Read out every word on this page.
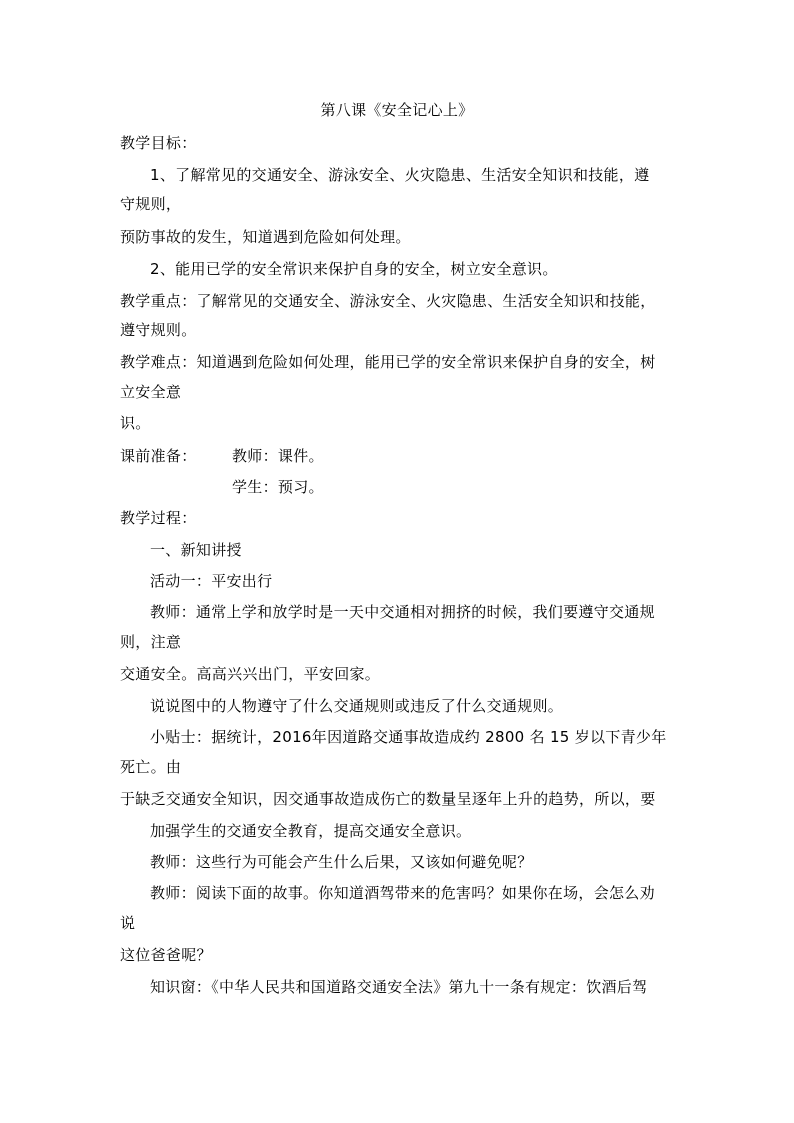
第八课《安全记心上》
教学目标：
1、了解常见的交通安全、游泳安全、火灾隐患、生活安全知识和技能，遵
守规则，
预防事故的发生，知道遇到危险如何处理。
2、能用已学的安全常识来保护自身的安全，树立安全意识。
教学重点：了解常见的交通安全、游泳安全、火灾隐患、生活安全知识和技能，
遵守规则。
教学难点：知道遇到危险如何处理，能用已学的安全常识来保护自身的安全，树
立安全意
识。
课前准备： 教师：课件。
学生：预习。
教学过程：
一、新知讲授
活动一：平安出行
教师：通常上学和放学时是一天中交通相对拥挤的时候，我们要遵守交通规
则，注意
交通安全。高高兴兴出门，平安回家。
说说图中的人物遵守了什么交通规则或违反了什么交通规则。
小贴士：据统计，2016年因道路交通事故造成约 2800 名 15 岁以下青少年
死亡。由
于缺乏交通安全知识，因交通事故造成伤亡的数量呈逐年上升的趋势，所以，要
加强学生的交通安全教育，提高交通安全意识。
教师：这些行为可能会产生什么后果，又该如何避免呢？
教师：阅读下面的故事。你知道酒驾带来的危害吗？如果你在场，会怎么劝
说
这位爸爸呢？
知识窗：《中华人民共和国道路交通安全法》第九十一条有规定：饮酒后驾
